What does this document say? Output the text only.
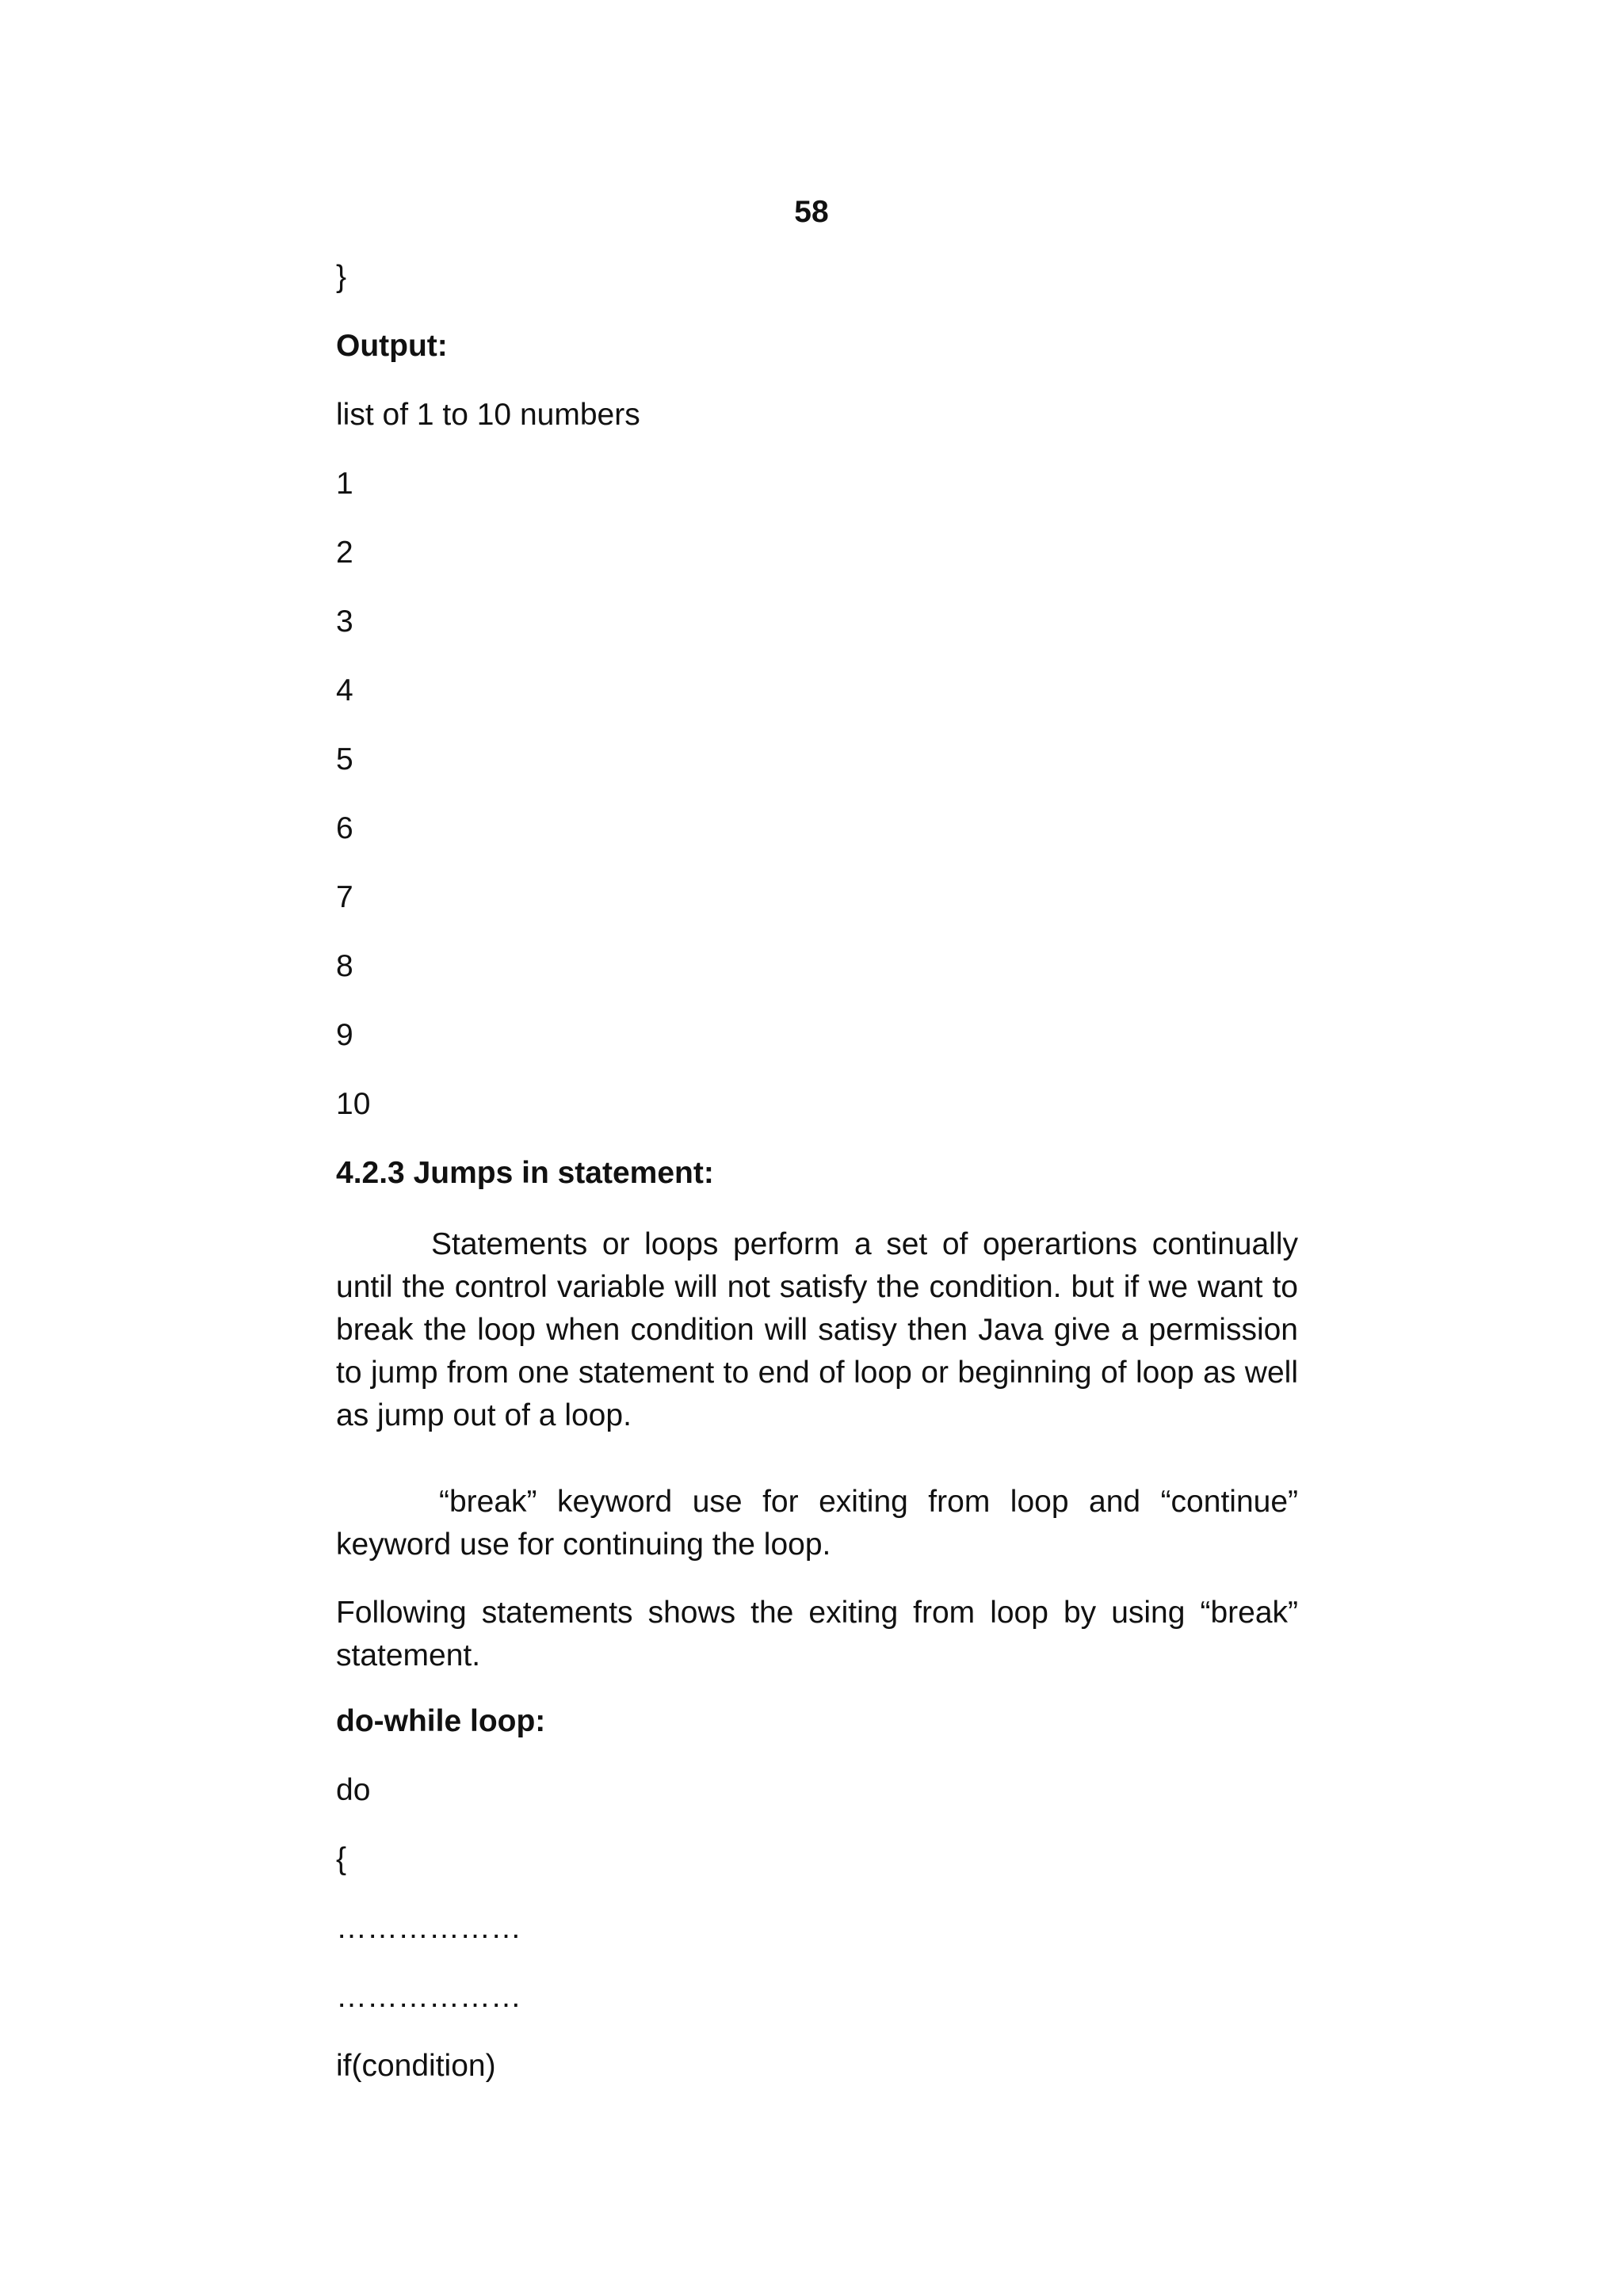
58
}
Output:
list of 1 to 10 numbers
1
2
3
4
5
6
7
8
9
10
4.2.3 Jumps in statement:

Statements or loops perform a set of operartions continually until the control variable will not satisfy the condition. but if we want to break the loop when condition will satisy then Java give a permission to jump from one statement to end of loop or beginning of loop as well as jump out of a loop.

“break” keyword use for exiting from loop and “continue” keyword use for continuing the loop.

Following statements shows the exiting from loop by using “break” statement.

do-while loop:
do
{
………………
………………
if(condition)
